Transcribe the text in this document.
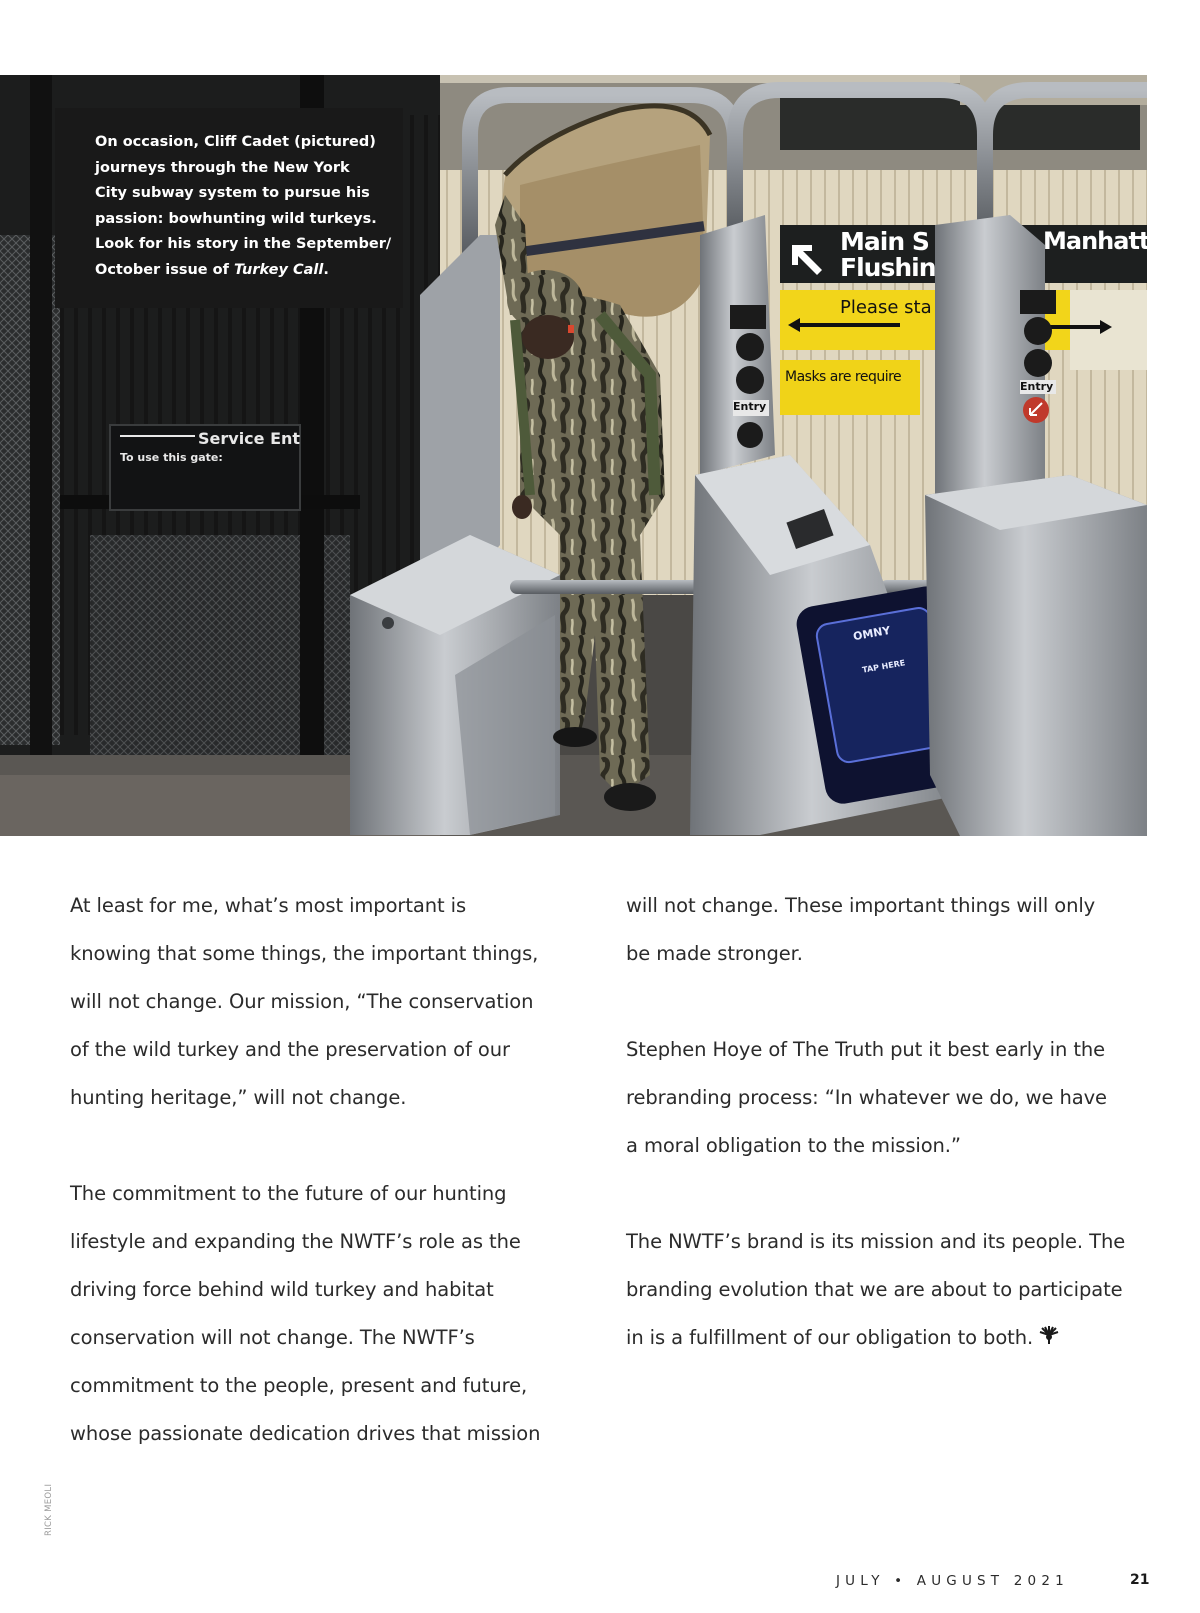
Main S
Flushin
Manhatta
Please sta
Masks are require
Entry
Entry
Service Ent
To use this gate:
OMNY
TAP HERE
On occasion, Cliff Cadet (pictured)
journeys through the New York
City subway system to pursue his
passion: bowhunting wild turkeys.
Look for his story in the September/
October issue of Turkey Call.
At least for me, what’s most important is
knowing that some things, the important things,
will not change. Our mission, “The conservation
of the wild turkey and the preservation of our
hunting heritage,” will not change.
The commitment to the future of our hunting
lifestyle and expanding the NWTF’s role as the
driving force behind wild turkey and habitat
conservation will not change. The NWTF’s
commitment to the people, present and future,
whose passionate dedication drives that mission
will not change. These important things will only
be made stronger.
Stephen Hoye of The Truth put it best early in the
rebranding process: “In whatever we do, we have
a moral obligation to the mission.”
The NWTF’s brand is its mission and its people. The
branding evolution that we are about to participate
in is a fulfillment of our obligation to both.
RICK MEOLI
JULY • AUGUST 2021	21
